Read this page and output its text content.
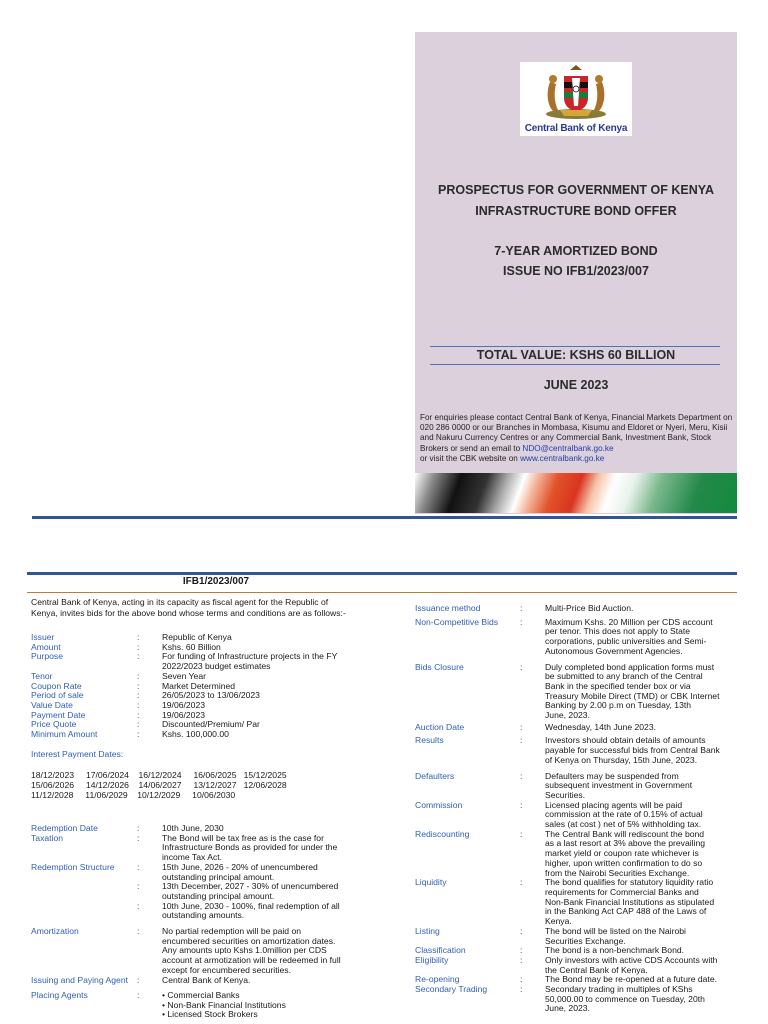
Central Bank of Kenya
PROSPECTUS FOR GOVERNMENT OF KENYA
INFRASTRUCTURE BOND OFFER
7-YEAR AMORTIZED BOND
ISSUE NO IFB1/2023/007
TOTAL VALUE: KSHS 60 BILLION
JUNE 2023
For enquiries please contact Central Bank of Kenya, Financial Markets Department on 020 286 0000 or our Branches in Mombasa, Kisumu and Eldoret or Nyeri, Meru, Kisii and Nakuru Currency Centres or any Commercial Bank, Investment Bank, Stock Brokers or send an email to NDO@centralbank.go.ke
or visit the CBK website on www.centralbank.go.ke
IFB1/2023/007
Central Bank of Kenya, acting in its capacity as fiscal agent for the Republic of
Kenya, invites bids for the above bond whose terms and conditions are as follows:-
Issuer	:	Republic of Kenya
Amount	:	Kshs. 60 Billion
Purpose	:	For funding of Infrastructure projects in the FY
2022/2023 budget estimates
Tenor	:	Seven Year
Coupon Rate	:	Market Determined
Period of sale	:	26/05/2023 to 13/06/2023
Value Date	:	19/06/2023
Payment Date	:	19/06/2023
Price Quote	:	Discounted/Premium/ Par
Minimum Amount	:	Kshs. 100,000.00
Interest Payment Dates:
18/12/2023     17/06/2024    16/12/2024     16/06/2025   15/12/2025
15/06/2026     14/12/2026    14/06/2027     13/12/2027   12/06/2028
11/12/2028     11/06/2029    10/12/2029     10/06/2030
Redemption Date	:	10th June, 2030
Taxation	:	The Bond will be tax free as is the case for
Infrastructure Bonds as provided for under the
income Tax Act.
Redemption Structure	:	15th June, 2026 - 20% of unencumbered
outstanding principal amount.
:	13th December, 2027 - 30% of unencumbered
outstanding principal amount.
:	10th June, 2030 - 100%, final redemption of all
outstanding amounts.
Amortization	:	No partial redemption will be paid on
encumbered securities on amortization dates.
Any amounts upto Kshs 1.0million per CDS
account at armotization will be redeemed in full
except for encumbered securities.
Issuing and Paying Agent	:	Central Bank of Kenya.
Placing Agents	:	• Commercial Banks
• Non-Bank Financial Institutions
• Licensed Stock Brokers
Issuance method	:	Multi-Price Bid Auction.
Non-Competitive Bids	:	Maximum Kshs. 20 Million per CDS account
per tenor. This does not apply to State
corporations, public universities and Semi-
Autonomous Government Agencies.
Bids Closure	:	Duly completed bond application forms must
be submitted to any branch of the Central
Bank in the specified tender box or via
Treasury Mobile Direct (TMD) or CBK Internet
Banking by 2.00 p.m on Tuesday, 13th
June, 2023.
Auction Date	:	Wednesday, 14th June 2023.
Results	:	Investors should obtain details of amounts
payable for successful bids from Central Bank
of Kenya on Thursday, 15th June, 2023.
Defaulters	:	Defaulters may be suspended from
subsequent investment in Government
Securities.
Commission	:	Licensed placing agents will be paid
commission at the rate of 0.15% of actual
sales (at cost ) net of 5% withholding tax.
Rediscounting	:	The Central Bank will rediscount the bond
as a last resort at 3% above the prevailing
market yield or coupon rate whichever is
higher, upon written confirmation to do so
from the Nairobi Securities Exchange.
Liquidity	:	The bond qualifies for statutory liquidity ratio
requirements for Commercial Banks and
Non-Bank Financial Institutions as stipulated
in the Banking Act CAP 488 of the Laws of
Kenya.
Listing	:	The bond will be listed on the Nairobi
Securities Exchange.
Classification	:	The bond is a non-benchmark Bond.
Eligibility	:	Only investors with active CDS Accounts with
the Central Bank of Kenya.
Re-opening	:	The Bond may be re-opened at a future date.
Secondary Trading	:	Secondary trading in multiples of KShs
50,000.00 to commence on Tuesday, 20th
June, 2023.
